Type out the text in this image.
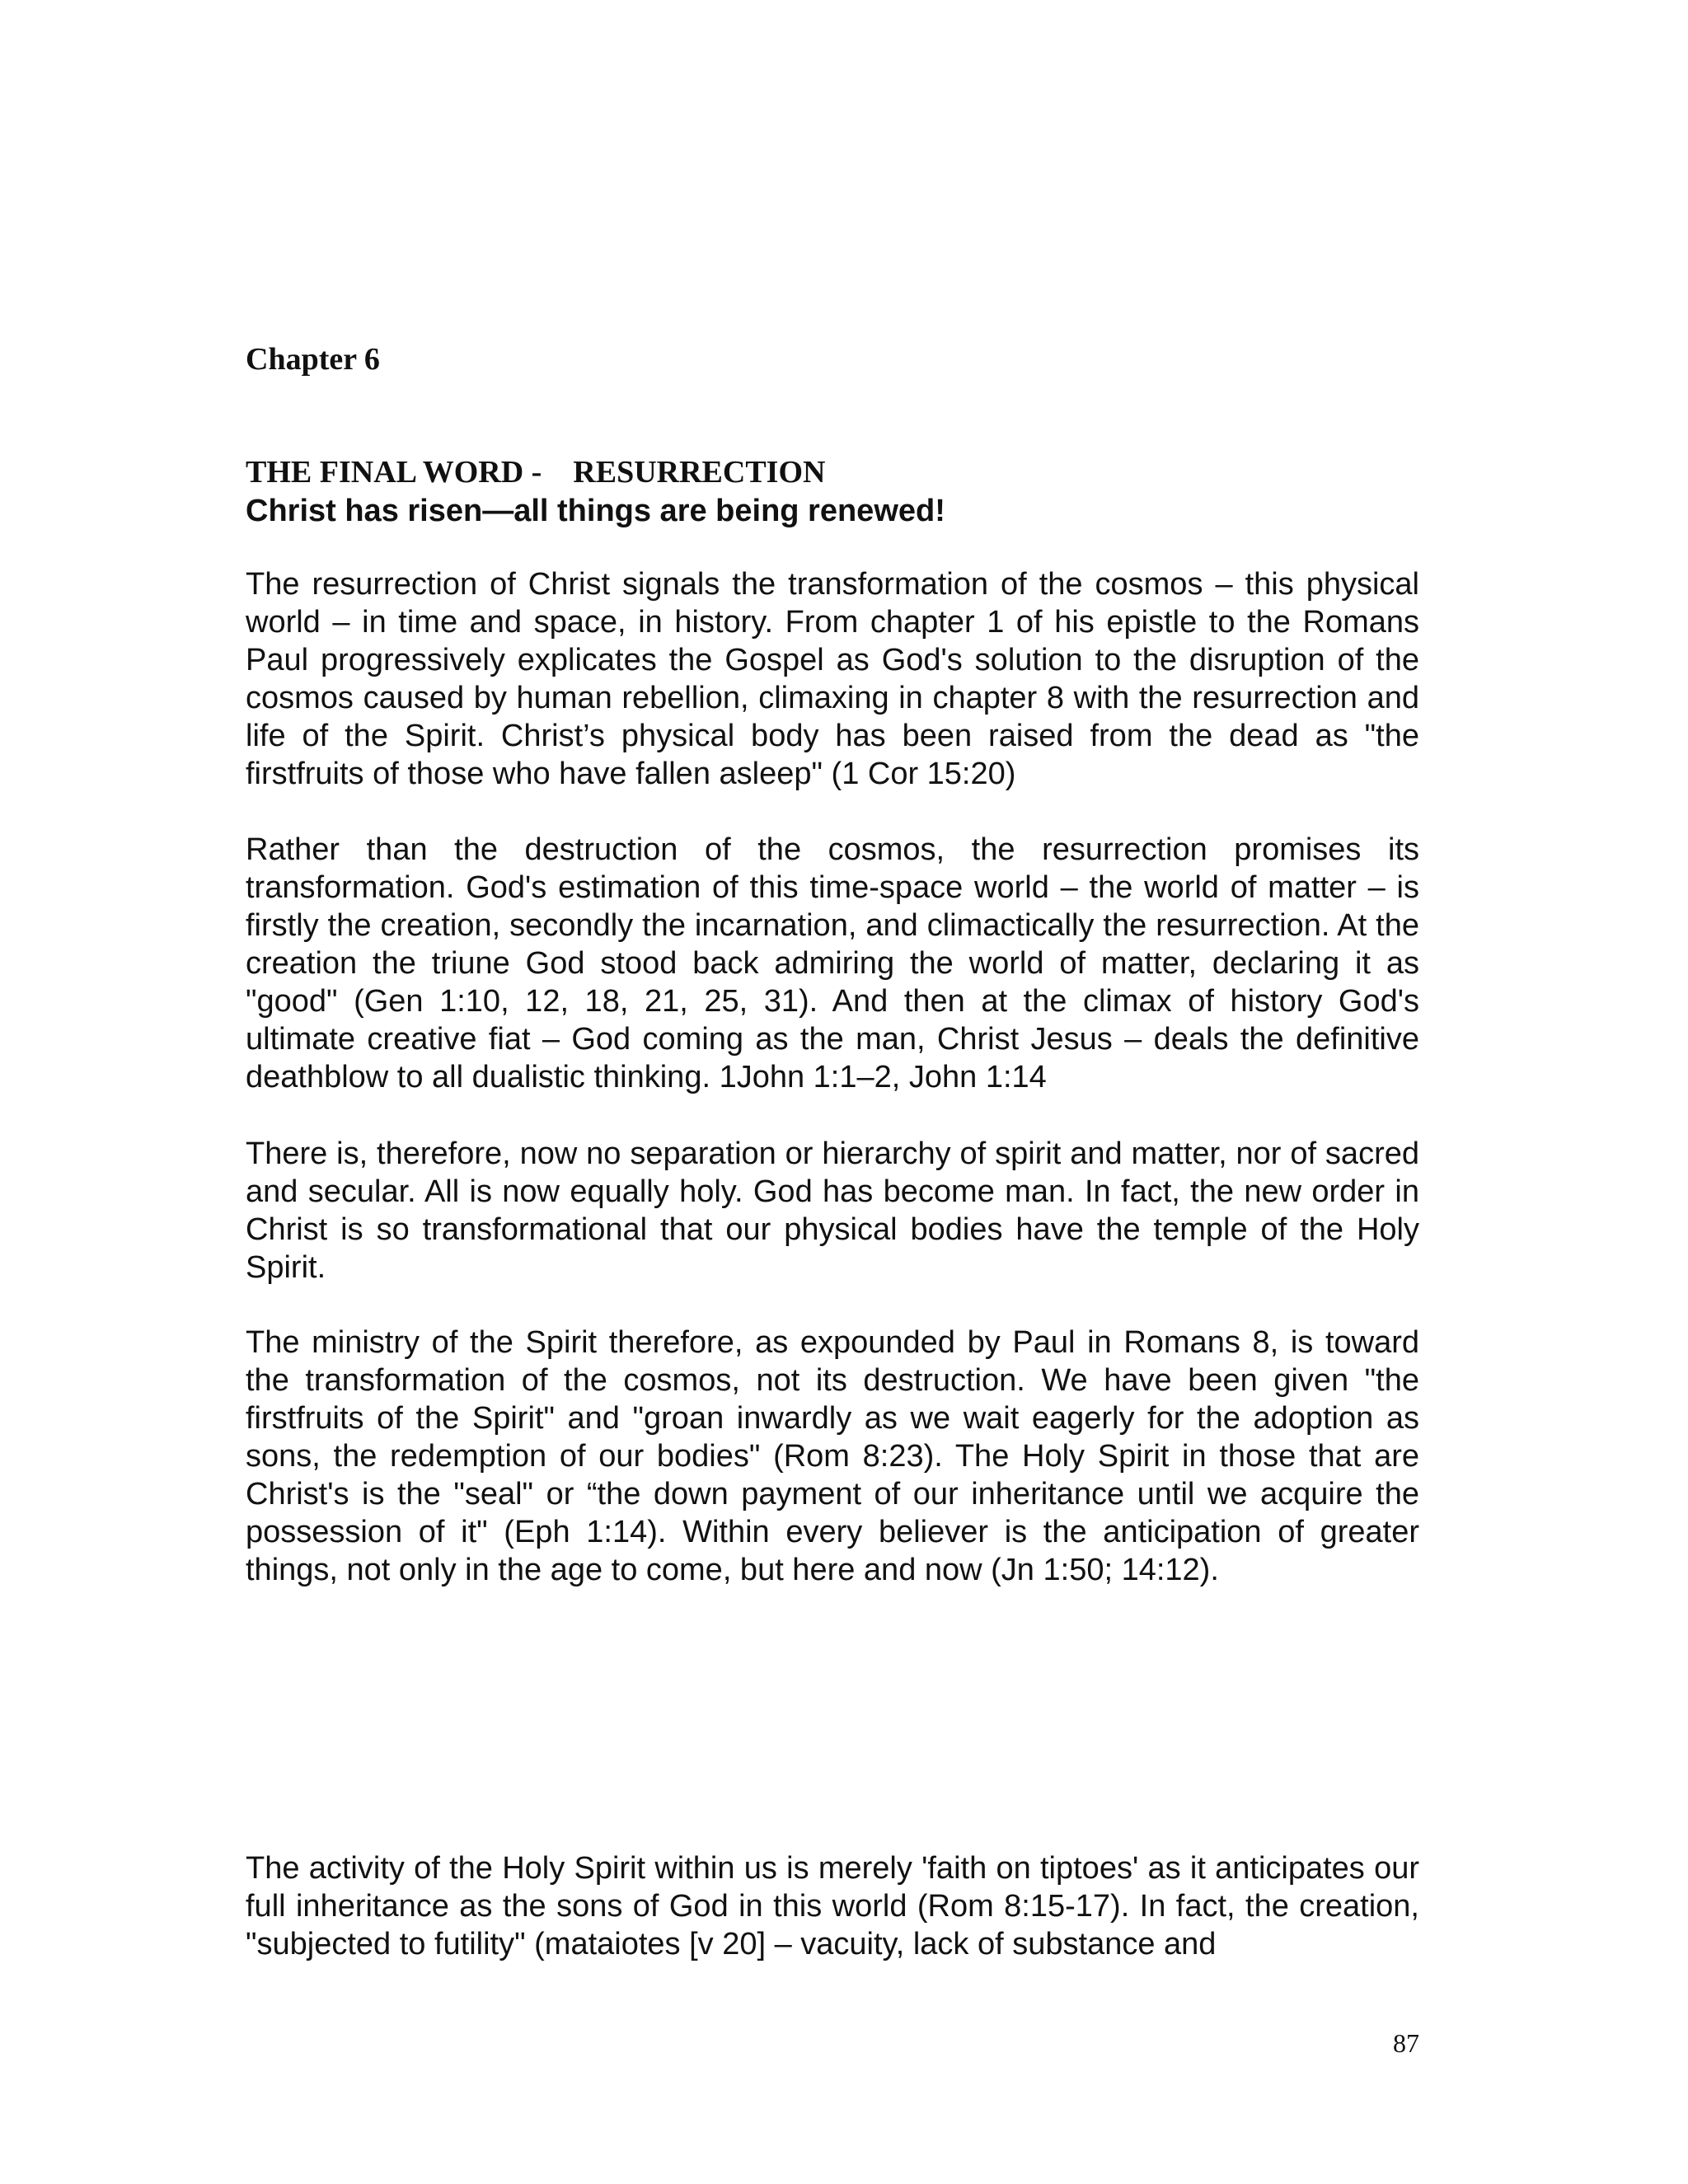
Chapter 6
THE FINAL WORD - RESURRECTION
Christ has risen—all things are being renewed!

The resurrection of Christ signals the transformation of the cosmos – this physical world – in time and space, in history. From chapter 1 of his epistle to the Romans Paul progressively explicates the Gospel as God's solution to the disruption of the cosmos caused by human rebellion, climaxing in chapter 8 with the resurrection and life of the Spirit. Christ’s physical body has been raised from the dead as "the firstfruits of those who have fallen asleep" (1 Cor 15:20)

Rather than the destruction of the cosmos, the resurrection promises its transformation. God's estimation of this time-space world – the world of matter – is firstly the creation, secondly the incarnation, and climactically the resurrection. At the creation the triune God stood back admiring the world of matter, declaring it as "good" (Gen 1:10, 12, 18, 21, 25, 31). And then at the climax of history God's ultimate creative fiat – God coming as the man, Christ Jesus – deals the definitive deathblow to all dualistic thinking. 1John 1:1–2, John 1:14

There is, therefore, now no separation or hierarchy of spirit and matter, nor of sacred and secular. All is now equally holy. God has become man. In fact, the new order in Christ is so transformational that our physical bodies have the temple of the Holy Spirit.

The ministry of the Spirit therefore, as expounded by Paul in Romans 8, is toward the transformation of the cosmos, not its destruction. We have been given "the firstfruits of the Spirit" and "groan inwardly as we wait eagerly for the adoption as sons, the redemption of our bodies" (Rom 8:23). The Holy Spirit in those that are Christ's is the "seal" or “the down payment of our inheritance until we acquire the possession of it" (Eph 1:14). Within every believer is the anticipation of greater things, not only in the age to come, but here and now (Jn 1:50; 14:12).

The activity of the Holy Spirit within us is merely 'faith on tiptoes' as it anticipates our full inheritance as the sons of God in this world (Rom 8:15-17). In fact, the creation, "subjected to futility" (mataiotes [v 20] – vacuity, lack of substance and

87
